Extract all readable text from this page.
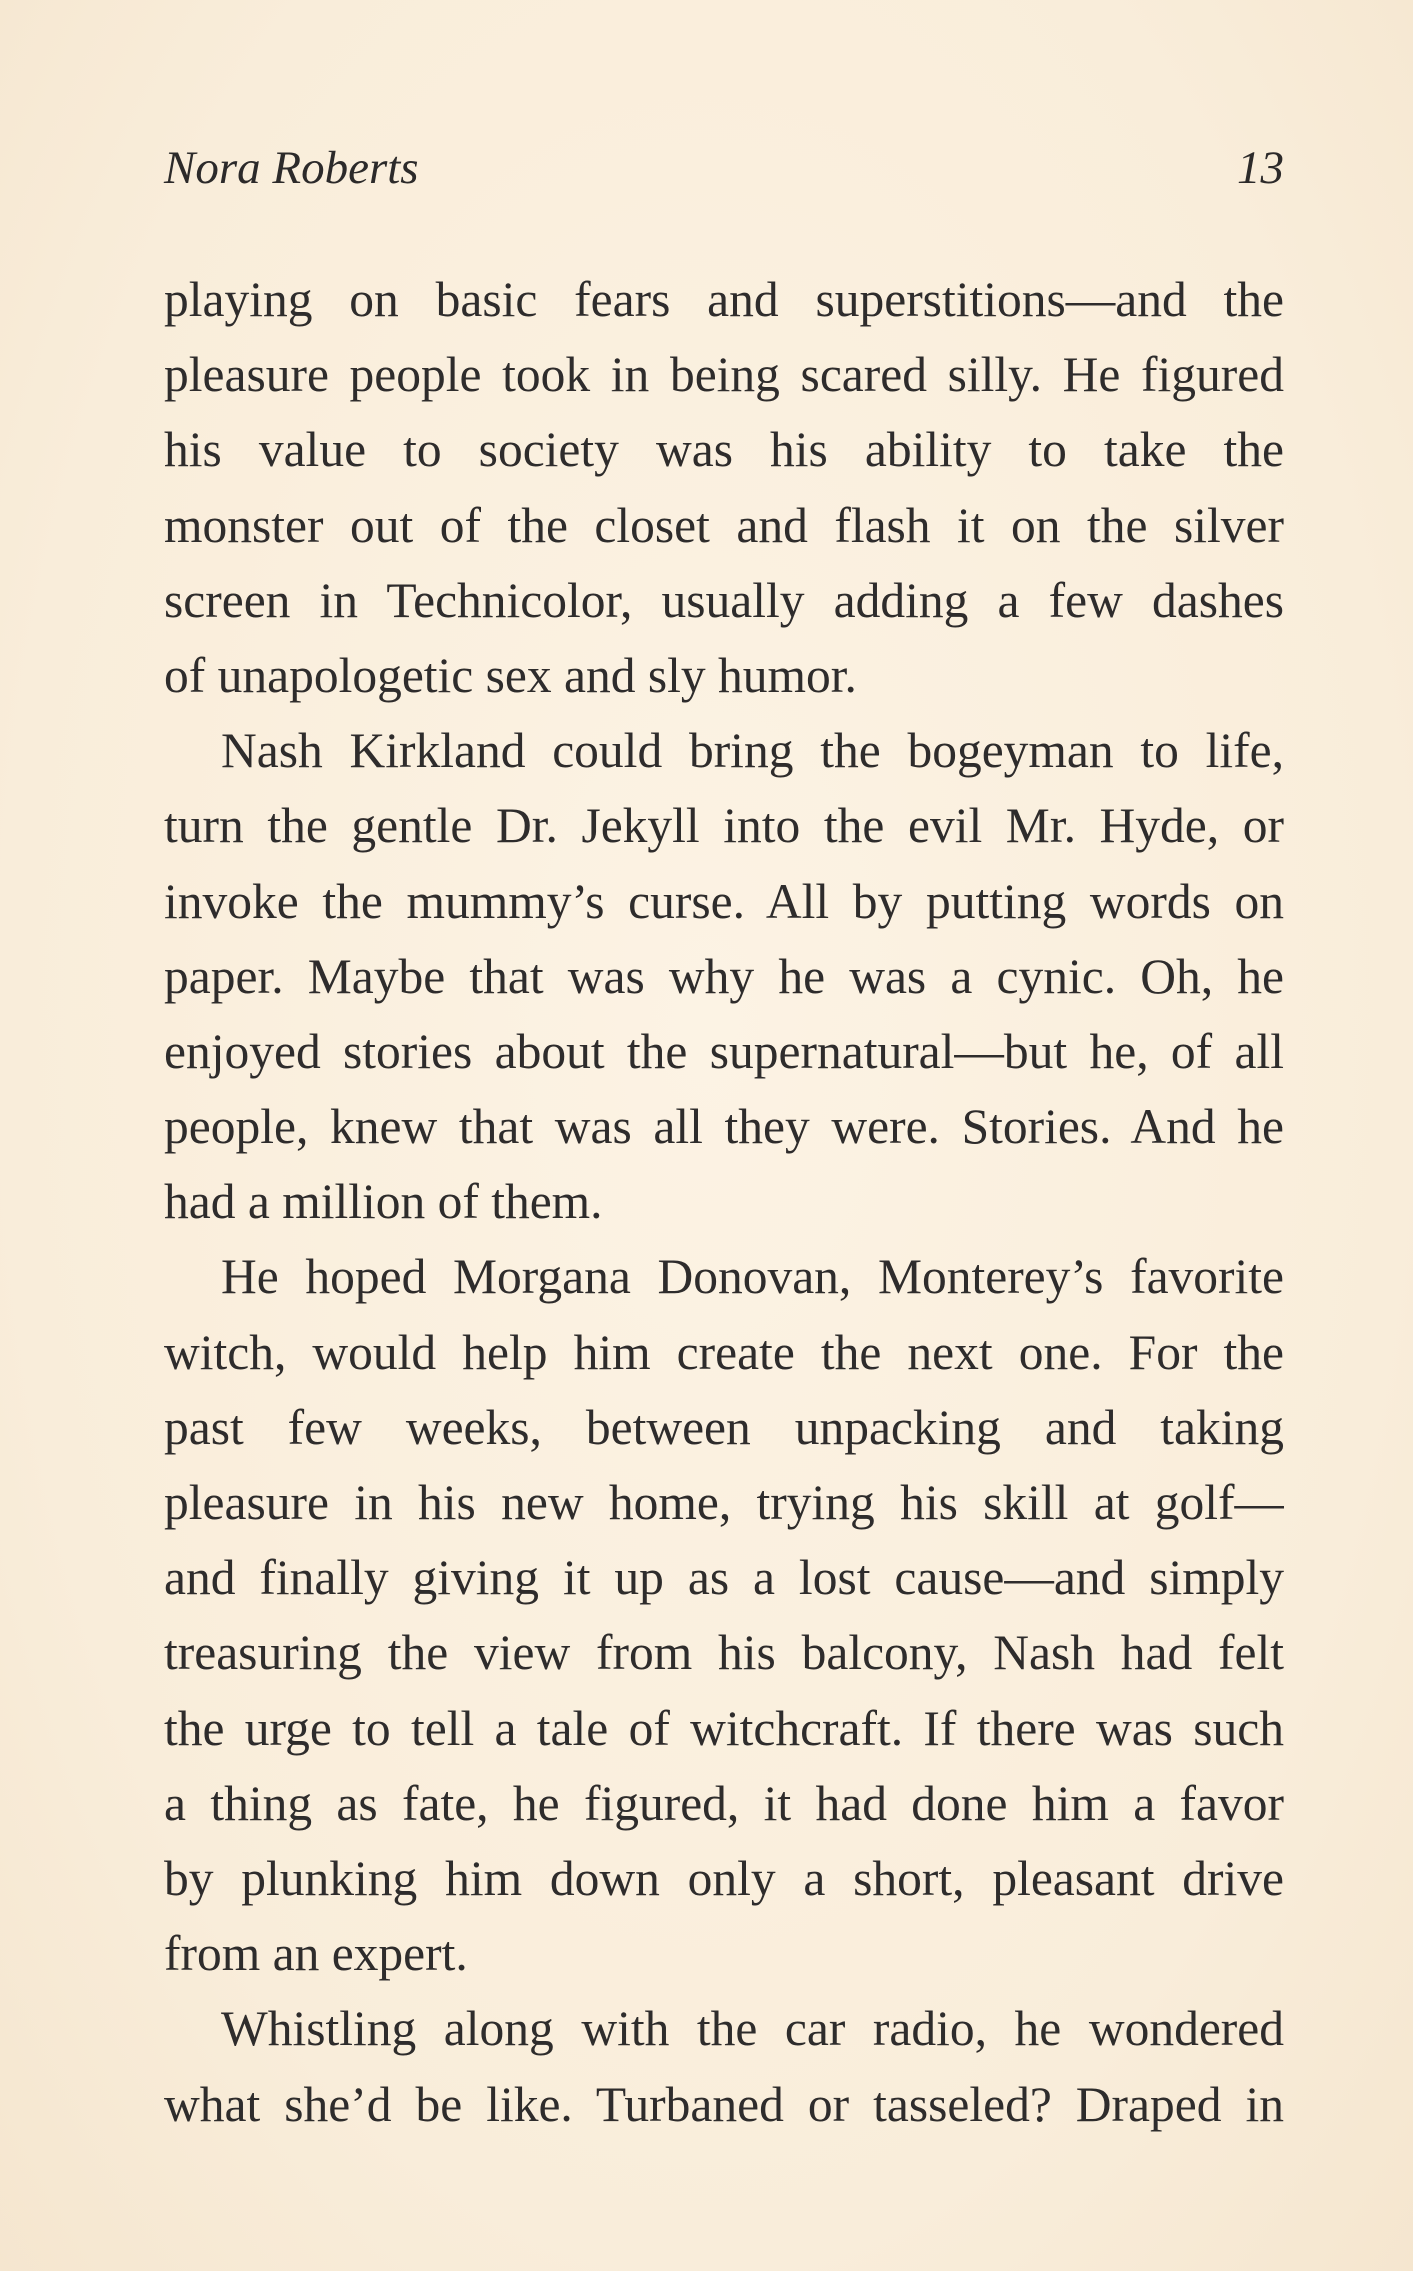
Nora Roberts	13
playing on basic fears and superstitions—and the
pleasure people took in being scared silly. He figured
his value to society was his ability to take the
monster out of the closet and flash it on the silver
screen in Technicolor, usually adding a few dashes
of unapologetic sex and sly humor.
Nash Kirkland could bring the bogeyman to life,
turn the gentle Dr. Jekyll into the evil Mr. Hyde, or
invoke the mummy’s curse. All by putting words on
paper. Maybe that was why he was a cynic. Oh, he
enjoyed stories about the supernatural—but he, of all
people, knew that was all they were. Stories. And he
had a million of them.
He hoped Morgana Donovan, Monterey’s favorite
witch, would help him create the next one. For the
past few weeks, between unpacking and taking
pleasure in his new home, trying his skill at golf—
and finally giving it up as a lost cause—and simply
treasuring the view from his balcony, Nash had felt
the urge to tell a tale of witchcraft. If there was such
a thing as fate, he figured, it had done him a favor
by plunking him down only a short, pleasant drive
from an expert.
Whistling along with the car radio, he wondered
what she’d be like. Turbaned or tasseled? Draped in
